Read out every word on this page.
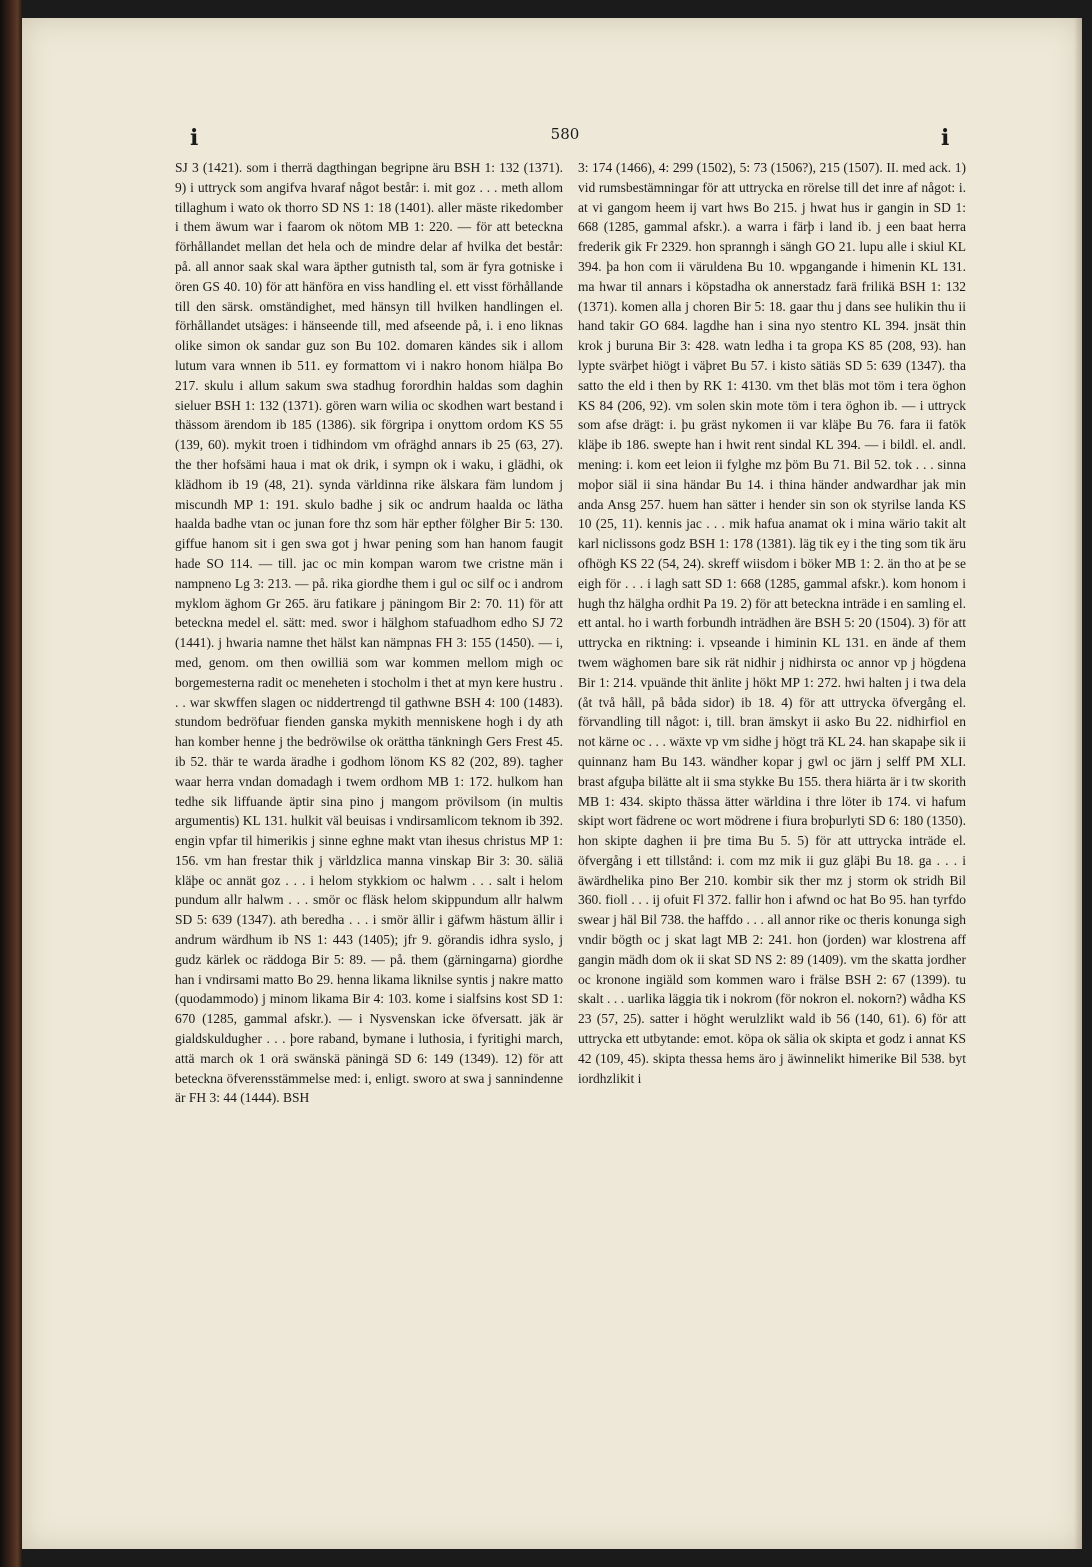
i	580	i

SJ 3 (1421). som i therrä dagthingan begripne äru BSH 1: 132 (1371). 9) i uttryck som angifva hvaraf något består: i. mit goz . . . meth allom tillaghum i wato ok thorro SD NS 1: 18 (1401). aller mäste rikedomber i them äwum war i faarom ok nötom MB 1: 220. — för att beteckna förhållandet mellan det hela och de mindre delar af hvilka det består: på. all annor saak skal wara äpther gutnisth tal, som är fyra gotniske i ören GS 40. 10) för att hänföra en viss handling el. ett visst förhållande till den särsk. omständighet, med hänsyn till hvilken handlingen el. förhållandet utsäges: i hänseende till, med afseende på, i. i eno liknas olike simon ok sandar guz son Bu 102. domaren kändes sik i allom lutum vara wnnen ib 511. ey formattom vi i nakro honom hiälpa Bo 217. skulu i allum sakum swa stadhug forordhin haldas som daghin sieluer BSH 1: 132 (1371). gören warn wilia oc skodhen wart bestand i thässom ärendom ib 185 (1386). sik förgripa i onyttom ordom KS 55 (139, 60). mykit troen i tidhindom vm ofräghd annars ib 25 (63, 27). the ther hofsämi haua i mat ok drik, i sympn ok i waku, i glädhi, ok klädhom ib 19 (48, 21). synda världinna rike älskara fäm lundom j miscundh MP 1: 191. skulo badhe j sik oc andrum haalda oc lätha haalda badhe vtan oc junan fore thz som här epther fölgher Bir 5: 130. giffue hanom sit i gen swa got j hwar pening som han hanom faugit hade SO 114. — till. jac oc min kompan warom twe cristne män i nampneno Lg 3: 213. — på. rika giordhe them i gul oc silf oc i androm myklom äghom Gr 265. äru fatikare j päningom Bir 2: 70. 11) för att beteckna medel el. sätt: med. swor i hälghom stafuadhom edho SJ 72 (1441). j hwaria namne thet hälst kan nämpnas FH 3: 155 (1450). — i, med, genom. om then owilliä som war kommen mellom migh oc borgemesterna radit oc meneheten i stocholm i thet at myn kere hustru . . . war skwffen slagen oc niddertrengd til gathwne BSH 4: 100 (1483). stundom bedröfuar fienden ganska mykith menniskene hogh i dy ath han komber henne j the bedröwilse ok orättha tänkningh Gers Frest 45. ib 52. thär te warda äradhe i godhom lönom KS 82 (202, 89). tagher waar herra vndan domadagh i twem ordhom MB 1: 172. hulkom han tedhe sik liffuande äptir sina pino j mangom prövilsom (in multis argumentis) KL 131. hulkit väl beuisas i vndirsamlicom teknom ib 392. engin vpfar til himerikis j sinne eghne makt vtan ihesus christus MP 1: 156. vm han frestar thik j världzlica manna vinskap Bir 3: 30. säliä kläþe oc annät goz . . . i helom stykkiom oc halwm . . . salt i helom pundum allr halwm . . . smör oc fläsk helom skippundum allr halwm SD 5: 639 (1347). ath beredha . . . i smör ällir i gäfwm hästum ällir i andrum wärdhum ib NS 1: 443 (1405); jfr 9. görandis idhra syslo, j gudz kärlek oc räddoga Bir 5: 89. — på. them (gärningarna) giordhe han i vndirsami matto Bo 29. henna likama liknilse syntis j nakre matto (quodammodo) j minom likama Bir 4: 103. kome i sialfsins kost SD 1: 670 (1285, gammal afskr.). — i Nysvenskan icke öfversatt. jäk är gialdskuldugher . . . þore raband, bymane i luthosia, i fyritighi march, attä march ok 1 orä swänskä päningä SD 6: 149 (1349). 12) för att beteckna öfverensstämmelse med: i, enligt. sworo at swa j sannindenne är FH 3: 44 (1444). BSH

3: 174 (1466), 4: 299 (1502), 5: 73 (1506?), 215 (1507). II. med ack. 1) vid rumsbestämningar för att uttrycka en rörelse till det inre af något: i. at vi gangom heem ij vart hws Bo 215. j hwat hus ir gangin in SD 1: 668 (1285, gammal afskr.). a warra i färþ i land ib. j een baat herra frederik gik Fr 2329. hon spranngh i sängh GO 21. lupu alle i skiul KL 394. þa hon com ii väruldena Bu 10. wpgangande i himenin KL 131. ma hwar til annars i köpstadha ok annerstadz farä frilikä BSH 1: 132 (1371). komen alla j choren Bir 5: 18. gaar thu j dans see hulikin thu ii hand takir GO 684. lagdhe han i sina nyo stentro KL 394. jnsät thin krok j buruna Bir 3: 428. watn ledha i ta gropa KS 85 (208, 93). han lypte svärþet hiögt i väþret Bu 57. i kisto sätiäs SD 5: 639 (1347). tha satto the eld i then by RK 1: 4130. vm thet bläs mot töm i tera öghon KS 84 (206, 92). vm solen skin mote töm i tera öghon ib. — i uttryck som afse drägt: i. þu gräst nykomen ii var kläþe Bu 76. fara ii fatök kläþe ib 186. swepte han i hwit rent sindal KL 394. — i bildl. el. andl. mening: i. kom eet leion ii fylghe mz þöm Bu 71. Bil 52. tok . . . sinna moþor siäl ii sina händar Bu 14. i thina händer andwardhar jak min anda Ansg 257. huem han sätter i hender sin son ok styrilse landa KS 10 (25, 11). kennis jac . . . mik hafua anamat ok i mina wärio takit alt karl niclissons godz BSH 1: 178 (1381). läg tik ey i the ting som tik äru ofhögh KS 22 (54, 24). skreff wiisdom i böker MB 1: 2. än tho at þe se eigh för . . . i lagh satt SD 1: 668 (1285, gammal afskr.). kom honom i hugh thz hälgha ordhit Pa 19. 2) för att beteckna inträde i en samling el. ett antal. ho i warth forbundh inträdhen äre BSH 5: 20 (1504). 3) för att uttrycka en riktning: i. vpseande i himinin KL 131. en ände af them twem wäghomen bare sik rät nidhir j nidhirsta oc annor vp j högdena Bir 1: 214. vpuände thit änlite j hökt MP 1: 272. hwi halten j i twa dela (åt två håll, på båda sidor) ib 18. 4) för att uttrycka öfvergång el. förvandling till något: i, till. bran ämskyt ii asko Bu 22. nidhirfiol en not kärne oc . . . wäxte vp vm sidhe j högt trä KL 24. han skapaþe sik ii quinnanz ham Bu 143. wändher kopar j gwl oc järn j selff PM XLI. brast afguþa bilätte alt ii sma stykke Bu 155. thera hiärta är i tw skorith MB 1: 434. skipto thässa ätter wärldina i thre löter ib 174. vi hafum skipt wort fädrene oc wort mödrene i fiura broþurlyti SD 6: 180 (1350). hon skipte daghen ii þre tima Bu 5. 5) för att uttrycka inträde el. öfvergång i ett tillstånd: i. com mz mik ii guz gläþi Bu 18. ga . . . i äwärdhelika pino Ber 210. kombir sik ther mz j storm ok stridh Bil 360. fioll . . . ij ofuit Fl 372. fallir hon i afwnd oc hat Bo 95. han tyrfdo swear j häl Bil 738. the haffdo . . . all annor rike oc theris konunga sigh vndir bögth oc j skat lagt MB 2: 241. hon (jorden) war klostrena aff gangin mädh dom ok ii skat SD NS 2: 89 (1409). vm the skatta jordher oc kronone ingiäld som kommen waro i frälse BSH 2: 67 (1399). tu skalt . . . uarlika läggia tik i nokrom (för nokron el. nokorn?) wådha KS 23 (57, 25). satter i höght werulzlikt wald ib 56 (140, 61). 6) för att uttrycka ett utbytande: emot. köpa ok sälia ok skipta et godz i annat KS 42 (109, 45). skipta thessa hems äro j äwinnelikt himerike Bil 538. byt iordhzlikit i
